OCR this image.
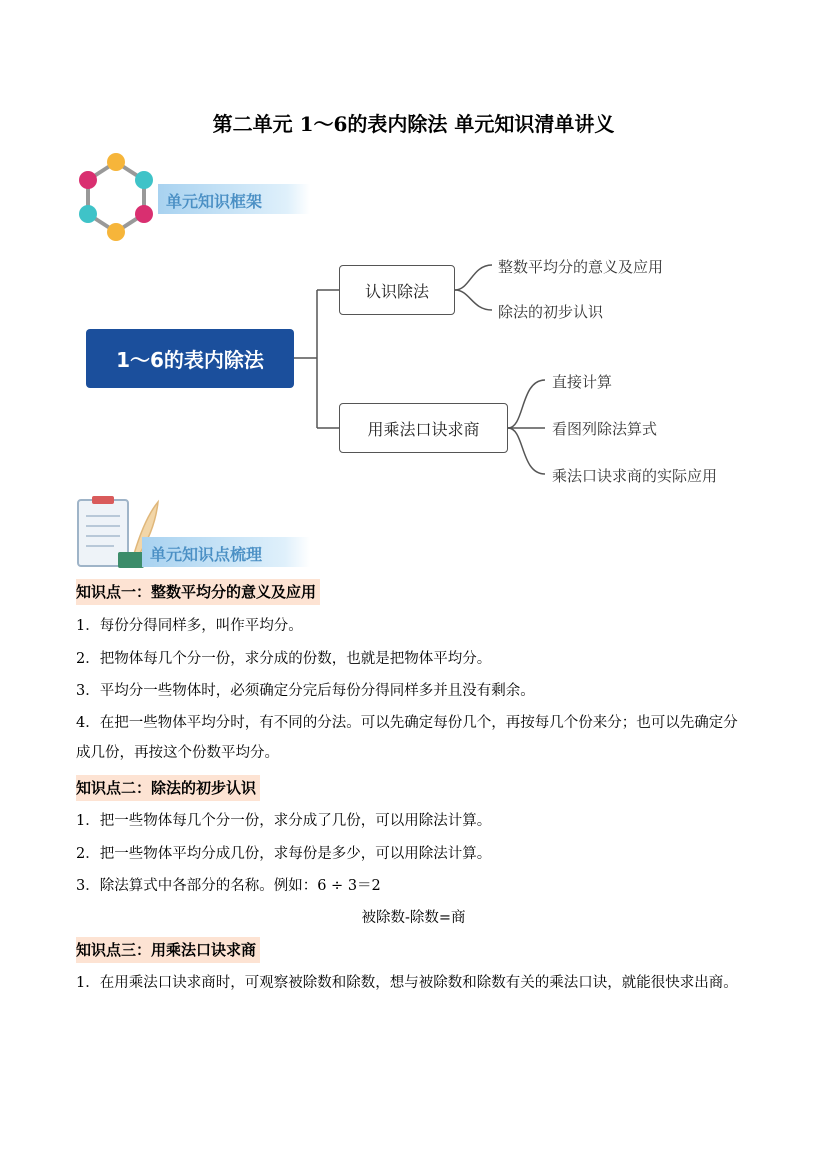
第二单元 1～6的表内除法 单元知识清单讲义
单元知识框架
1～6的表内除法
认识除法
用乘法口诀求商
整数平均分的意义及应用
除法的初步认识
直接计算
看图列除法算式
乘法口诀求商的实际应用
单元知识点梳理
知识点一：整数平均分的意义及应用
1．每份分得同样多，叫作平均分。
2．把物体每几个分一份，求分成的份数，也就是把物体平均分。
3．平均分一些物体时，必须确定分完后每份分得同样多并且没有剩余。
4．在把一些物体平均分时，有不同的分法。可以先确定每份几个，再按每几个份来分；也可以先确定分成几份，再按这个份数平均分。
知识点二：除法的初步认识
1．把一些物体每几个分一份，求分成了几份，可以用除法计算。
2．把一些物体平均分成几份，求每份是多少，可以用除法计算。
3．除法算式中各部分的名称。例如：6 ÷ 3＝2
被除数-除数=商
知识点三：用乘法口诀求商
1．在用乘法口诀求商时，可观察被除数和除数，想与被除数和除数有关的乘法口诀，就能很快求出商。
